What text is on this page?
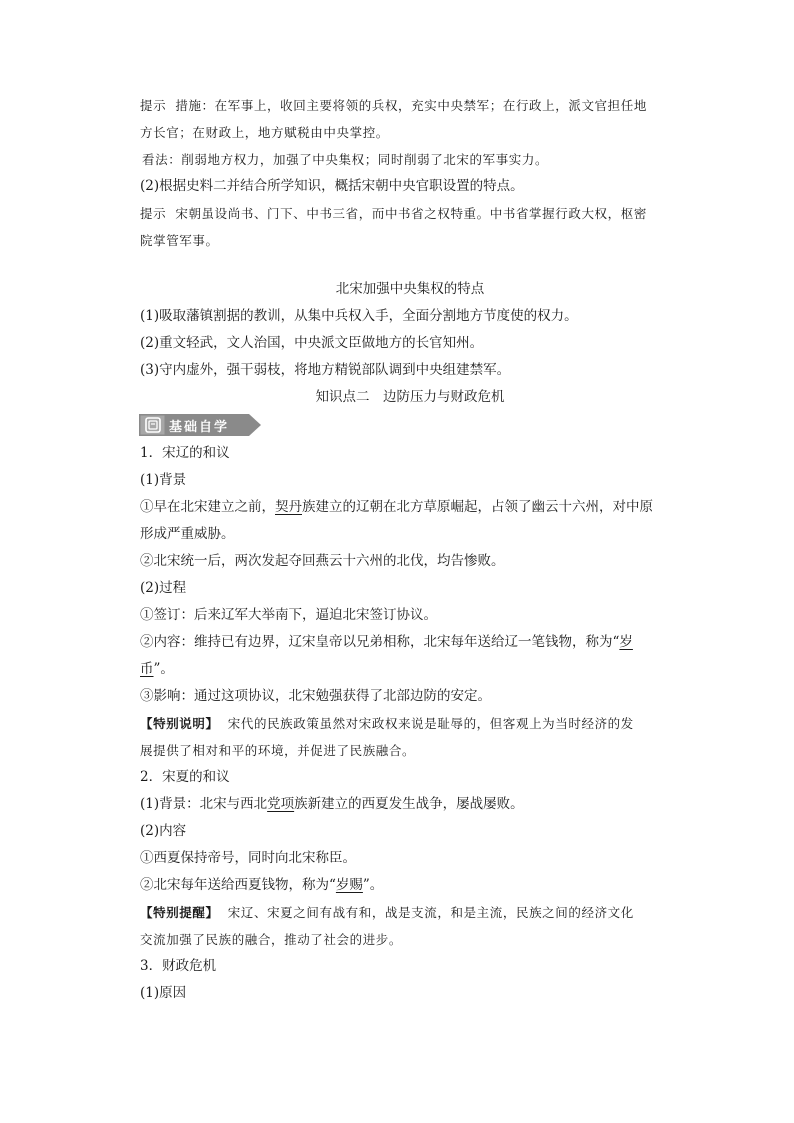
提示 措施：在军事上，收回主要将领的兵权，充实中央禁军；在行政上，派文官担任地
方长官；在财政上，地方赋税由中央掌控。
看法：削弱地方权力，加强了中央集权；同时削弱了北宋的军事实力。
(2)根据史料二并结合所学知识，概括宋朝中央官职设置的特点。
提示 宋朝虽设尚书、门下、中书三省，而中书省之权特重。中书省掌握行政大权，枢密
院掌管军事。
北宋加强中央集权的特点
(1)吸取藩镇割据的教训，从集中兵权入手，全面分割地方节度使的权力。
(2)重文轻武，文人治国，中央派文臣做地方的长官知州。
(3)守内虚外，强干弱枝，将地方精锐部队调到中央组建禁军。
知识点二　边防压力与财政危机
基础自学
1．宋辽的和议
(1)背景
①早在北宋建立之前，契丹族建立的辽朝在北方草原崛起，占领了幽云十六州，对中原
形成严重威胁。
②北宋统一后，两次发起夺回燕云十六州的北伐，均告惨败。
(2)过程
①签订：后来辽军大举南下，逼迫北宋签订协议。
②内容：维持已有边界，辽宋皇帝以兄弟相称，北宋每年送给辽一笔钱物，称为“岁
币”。
③影响：通过这项协议，北宋勉强获得了北部边防的安定。
【特别说明】 宋代的民族政策虽然对宋政权来说是耻辱的，但客观上为当时经济的发
展提供了相对和平的环境，并促进了民族融合。
2．宋夏的和议
(1)背景：北宋与西北党项族新建立的西夏发生战争，屡战屡败。
(2)内容
①西夏保持帝号，同时向北宋称臣。
②北宋每年送给西夏钱物，称为“岁赐”。
【特别提醒】 宋辽、宋夏之间有战有和，战是支流，和是主流，民族之间的经济文化
交流加强了民族的融合，推动了社会的进步。
3．财政危机
(1)原因
